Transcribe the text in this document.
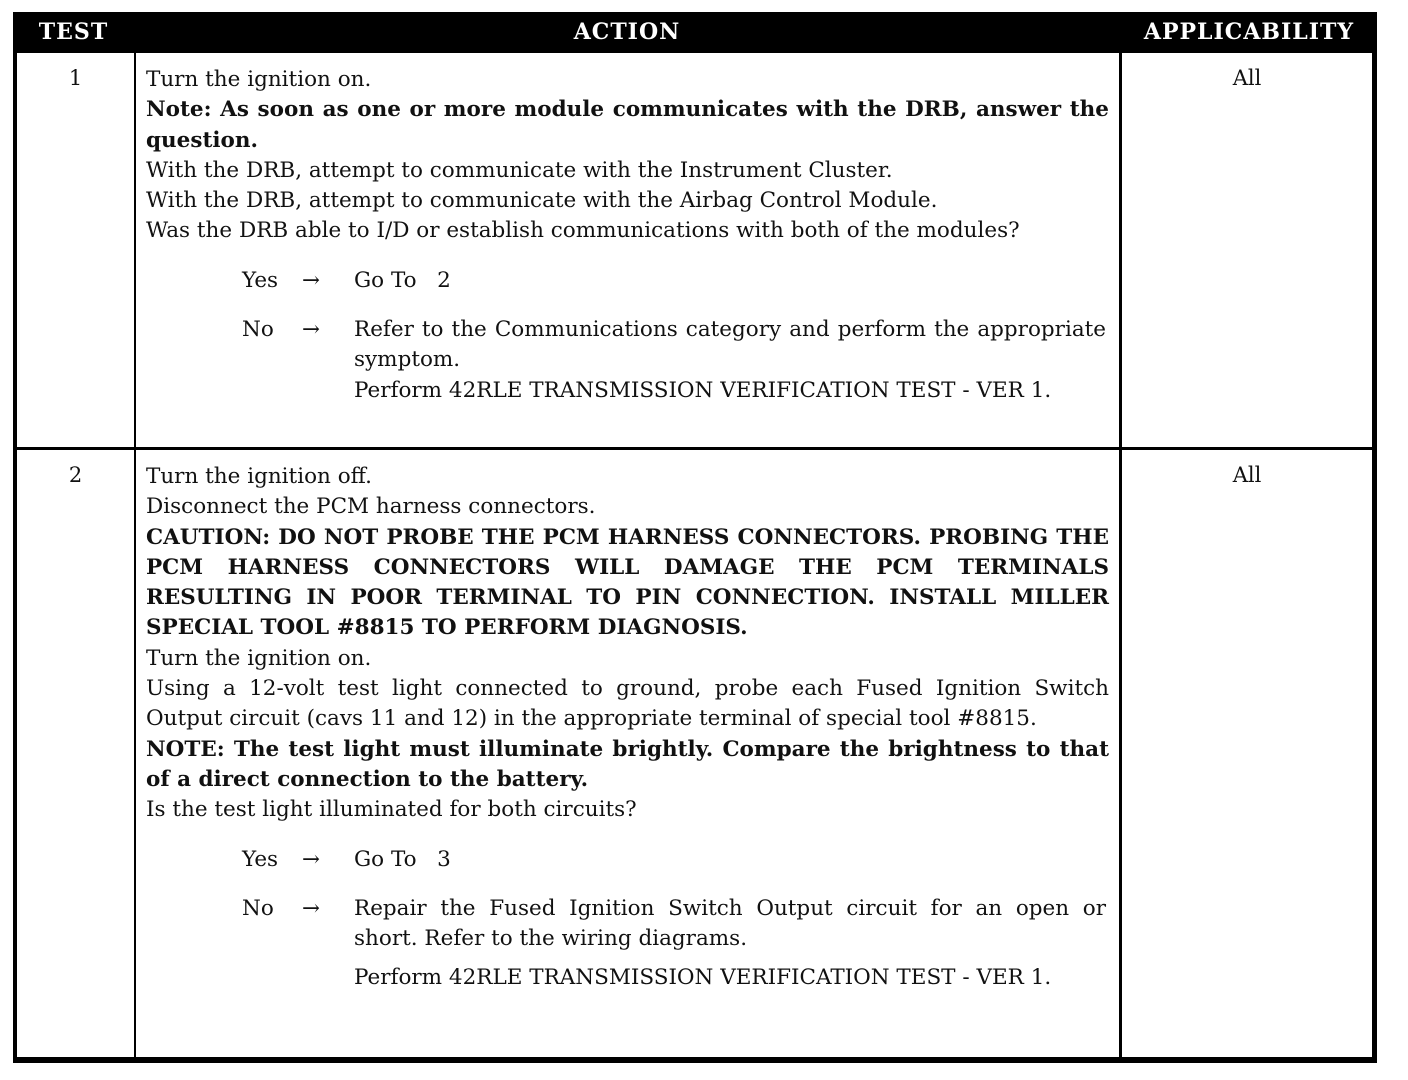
TEST	ACTION	APPLICABILITY
1	Turn the ignition on.

Note: As soon as one or more module communicates with the DRB, answer the question.

With the DRB, attempt to communicate with the Instrument Cluster.

With the DRB, attempt to communicate with the Airbag Control Module.

Was the DRB able to I/D or establish communications with both of the modules?

Yes	→	Go To   2
No	→	Refer to the Communications category and perform the appropriate symptom.

Perform 42RLE TRANSMISSION VERIFICATION TEST - VER 1.

All
2	Turn the ignition off.

Disconnect the PCM harness connectors.

CAUTION: DO NOT PROBE THE PCM HARNESS CONNECTORS. PROBING THE PCM HARNESS CONNECTORS WILL DAMAGE THE PCM TERMINALS RESULTING IN POOR TERMINAL TO PIN CONNECTION. INSTALL MILLER SPECIAL TOOL #8815 TO PERFORM DIAGNOSIS.

Turn the ignition on.

Using a 12-volt test light connected to ground, probe each Fused Ignition Switch Output circuit (cavs 11 and 12) in the appropriate terminal of special tool #8815.

NOTE: The test light must illuminate brightly. Compare the brightness to that of a direct connection to the battery.

Is the test light illuminated for both circuits?

Yes	→	Go To   3
No	→	Repair the Fused Ignition Switch Output circuit for an open or short. Refer to the wiring diagrams.

Perform 42RLE TRANSMISSION VERIFICATION TEST - VER 1.

All
